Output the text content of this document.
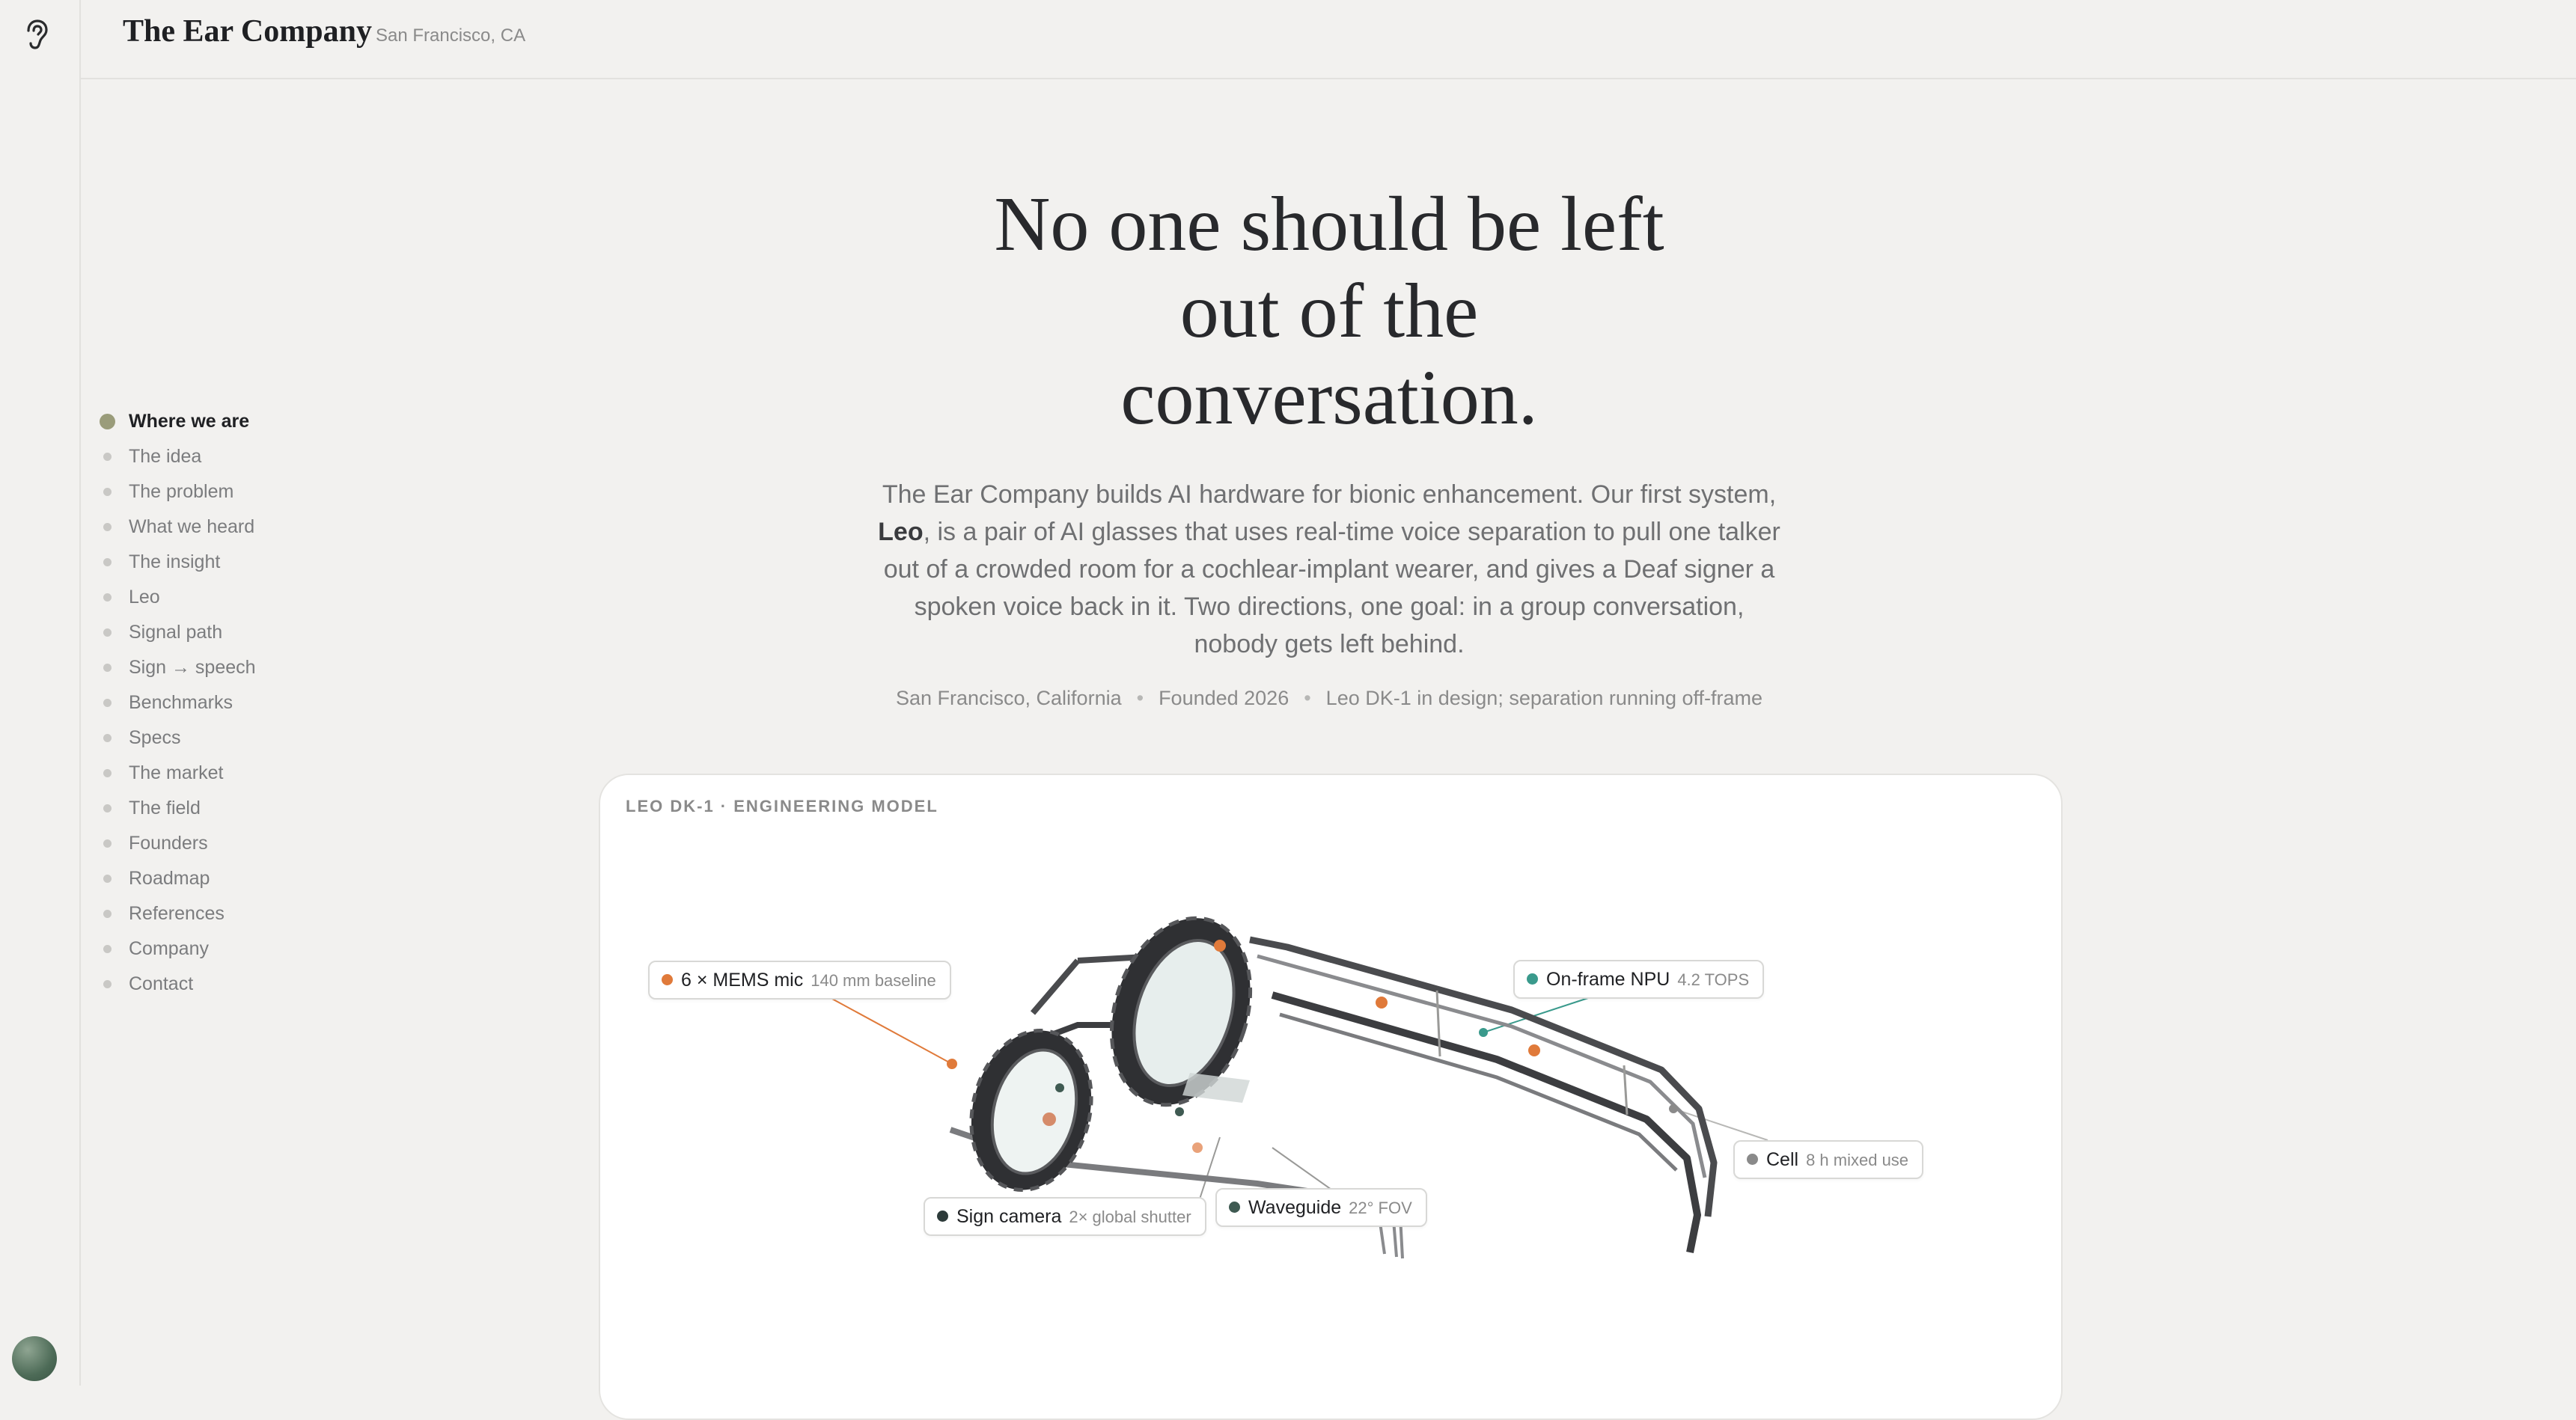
The Ear Company San Francisco, CA
Where we are
The idea
The problem
What we heard
The insight
Leo
Signal path
Sign → speech
Benchmarks
Specs
The market
The field
Founders
Roadmap
References
Company
Contact
No one should be left
out of the
conversation.
The Ear Company builds AI hardware for bionic enhancement. Our first system, Leo, is a pair of AI glasses that uses real-time voice separation to pull one talker out of a crowded room for a cochlear-implant wearer, and gives a Deaf signer a spoken voice back in it. Two directions, one goal: in a group conversation, nobody gets left behind.
San Francisco, California • Founded 2026 • Leo DK-1 in design; separation running off-frame
LEO DK-1 · ENGINEERING MODEL
6 × MEMS mic 140 mm baseline	On-frame NPU 4.2 TOPS
Cell 8 h mixed use
Sign camera 2× global shutter	Waveguide 22° FOV
